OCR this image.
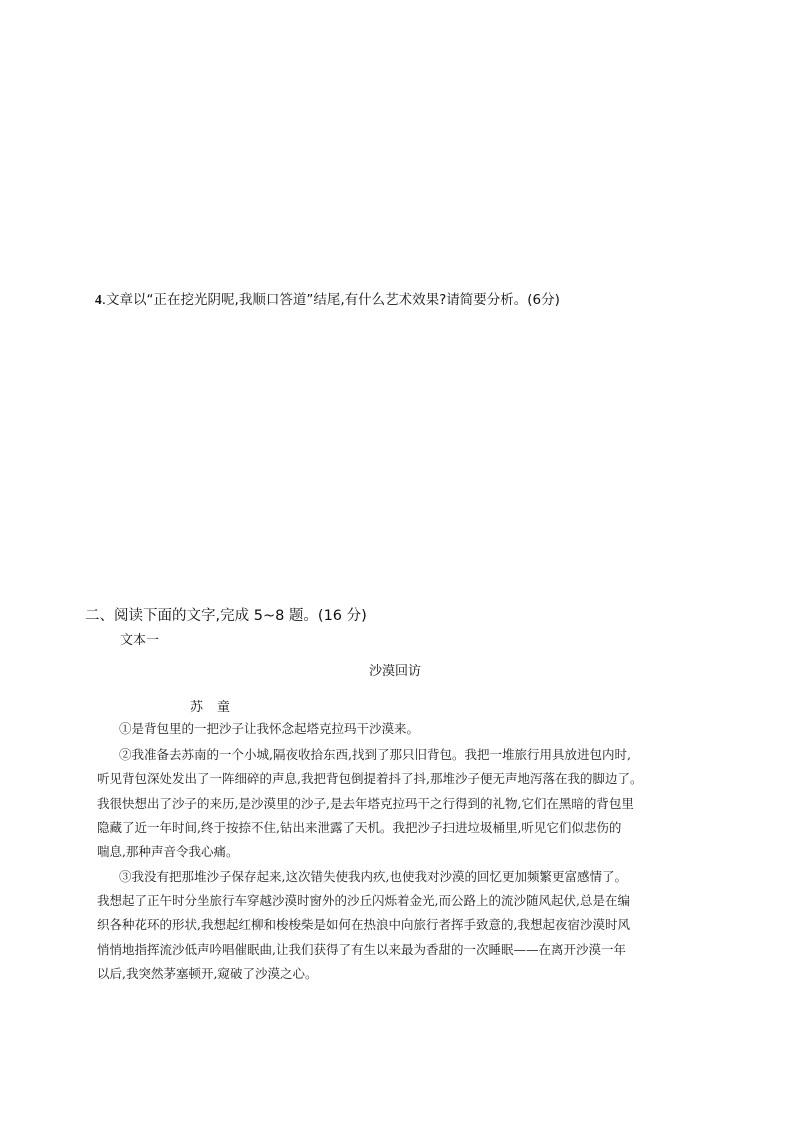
4.文章以“正在挖光阴呢,我顺口答道”结尾,有什么艺术效果?请简要分析。(6分)
二、阅读下面的文字,完成 5~8 题。(16 分)
文本一
沙漠回访
苏童
①是背包里的一把沙子让我怀念起塔克拉玛干沙漠来。
②我准备去苏南的一个小城,隔夜收拾东西,找到了那只旧背包。我把一堆旅行用具放进包内时,
听见背包深处发出了一阵细碎的声息,我把背包倒提着抖了抖,那堆沙子便无声地泻落在我的脚边了。
我很快想出了沙子的来历,是沙漠里的沙子,是去年塔克拉玛干之行得到的礼物,它们在黑暗的背包里
隐藏了近一年时间,终于按捺不住,钻出来泄露了天机。我把沙子扫进垃圾桶里,听见它们似悲伤的
喘息,那种声音令我心痛。
③我没有把那堆沙子保存起来,这次错失使我内疚,也使我对沙漠的回忆更加频繁更富感情了。
我想起了正午时分坐旅行车穿越沙漠时窗外的沙丘闪烁着金光,而公路上的流沙随风起伏,总是在编
织各种花环的形状,我想起红柳和梭梭柴是如何在热浪中向旅行者挥手致意的,我想起夜宿沙漠时风
悄悄地指挥流沙低声吟唱催眠曲,让我们获得了有生以来最为香甜的一次睡眠——在离开沙漠一年
以后,我突然茅塞顿开,窥破了沙漠之心。
